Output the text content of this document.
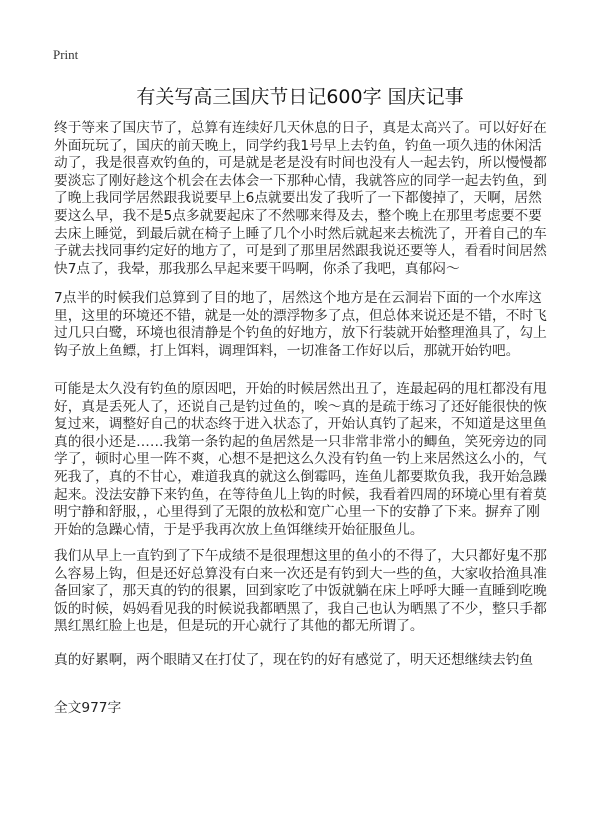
Print
有关写高三国庆节日记600字 国庆记事
终于等来了国庆节了，总算有连续好几天休息的日子，真是太高兴了。可以好好在
外面玩玩了，国庆的前天晚上，同学约我1号早上去钓鱼，钓鱼一项久违的休闲活
动了，我是很喜欢钓鱼的，可是就是老是没有时间也没有人一起去钓，所以慢慢都
要淡忘了刚好趁这个机会在去体会一下那种心情，我就答应的同学一起去钓鱼，到
了晚上我同学居然跟我说要早上6点就要出发了我听了一下都傻掉了，天啊，居然
要这么早，我不是5点多就要起床了不然哪来得及去，整个晚上在那里考虑要不要
去床上睡觉，到最后就在椅子上睡了几个小时然后就起来去梳洗了，开着自己的车
子就去找同事约定好的地方了，可是到了那里居然跟我说还要等人，看看时间居然
快7点了，我晕，那我那么早起来要干吗啊，你杀了我吧，真郁闷～
7点半的时候我们总算到了目的地了，居然这个地方是在云洞岩下面的一个水库这
里，这里的环境还不错，就是一处的漂浮物多了点，但总体来说还是不错，不时飞
过几只白鹭，环境也很清静是个钓鱼的好地方，放下行装就开始整理渔具了，勾上
钩子放上鱼鳔，打上饵料，调理饵料，一切准备工作好以后，那就开始钓吧。
可能是太久没有钓鱼的原因吧，开始的时候居然出丑了，连最起码的甩杠都没有甩
好，真是丢死人了，还说自己是钓过鱼的，唉～真的是疏于练习了还好能很快的恢
复过来，调整好自己的状态终于进入状态了，开始认真钓了起来，不知道是这里鱼
真的很小还是……我第一条钓起的鱼居然是一只非常非常小的鲫鱼，笑死旁边的同
学了，顿时心里一阵不爽，心想不是把这么久没有钓鱼一钓上来居然这么小的，气
死我了，真的不甘心，难道我真的就这么倒霉吗，连鱼儿都要欺负我，我开始急躁
起来。没法安静下来钓鱼，在等待鱼儿上钩的时候，我看着四周的环境心里有着莫
明宁静和舒服，，心里得到了无限的放松和宽广心里一下的安静了下来。摒弃了刚
开始的急躁心情，于是乎我再次放上鱼饵继续开始征服鱼儿。
我们从早上一直钓到了下午成绩不是很理想这里的鱼小的不得了，大只都好鬼不那
么容易上钩，但是还好总算没有白来一次还是有钓到大一些的鱼，大家收拾渔具准
备回家了，那天真的钓的很累，回到家吃了中饭就躺在床上呼呼大睡一直睡到吃晚
饭的时候，妈妈看见我的时候说我都晒黑了，我自己也认为晒黑了不少，整只手都
黑红黑红脸上也是，但是玩的开心就行了其他的都无所谓了。
真的好累啊，两个眼睛又在打仗了，现在钓的好有感觉了，明天还想继续去钓鱼
全文977字
